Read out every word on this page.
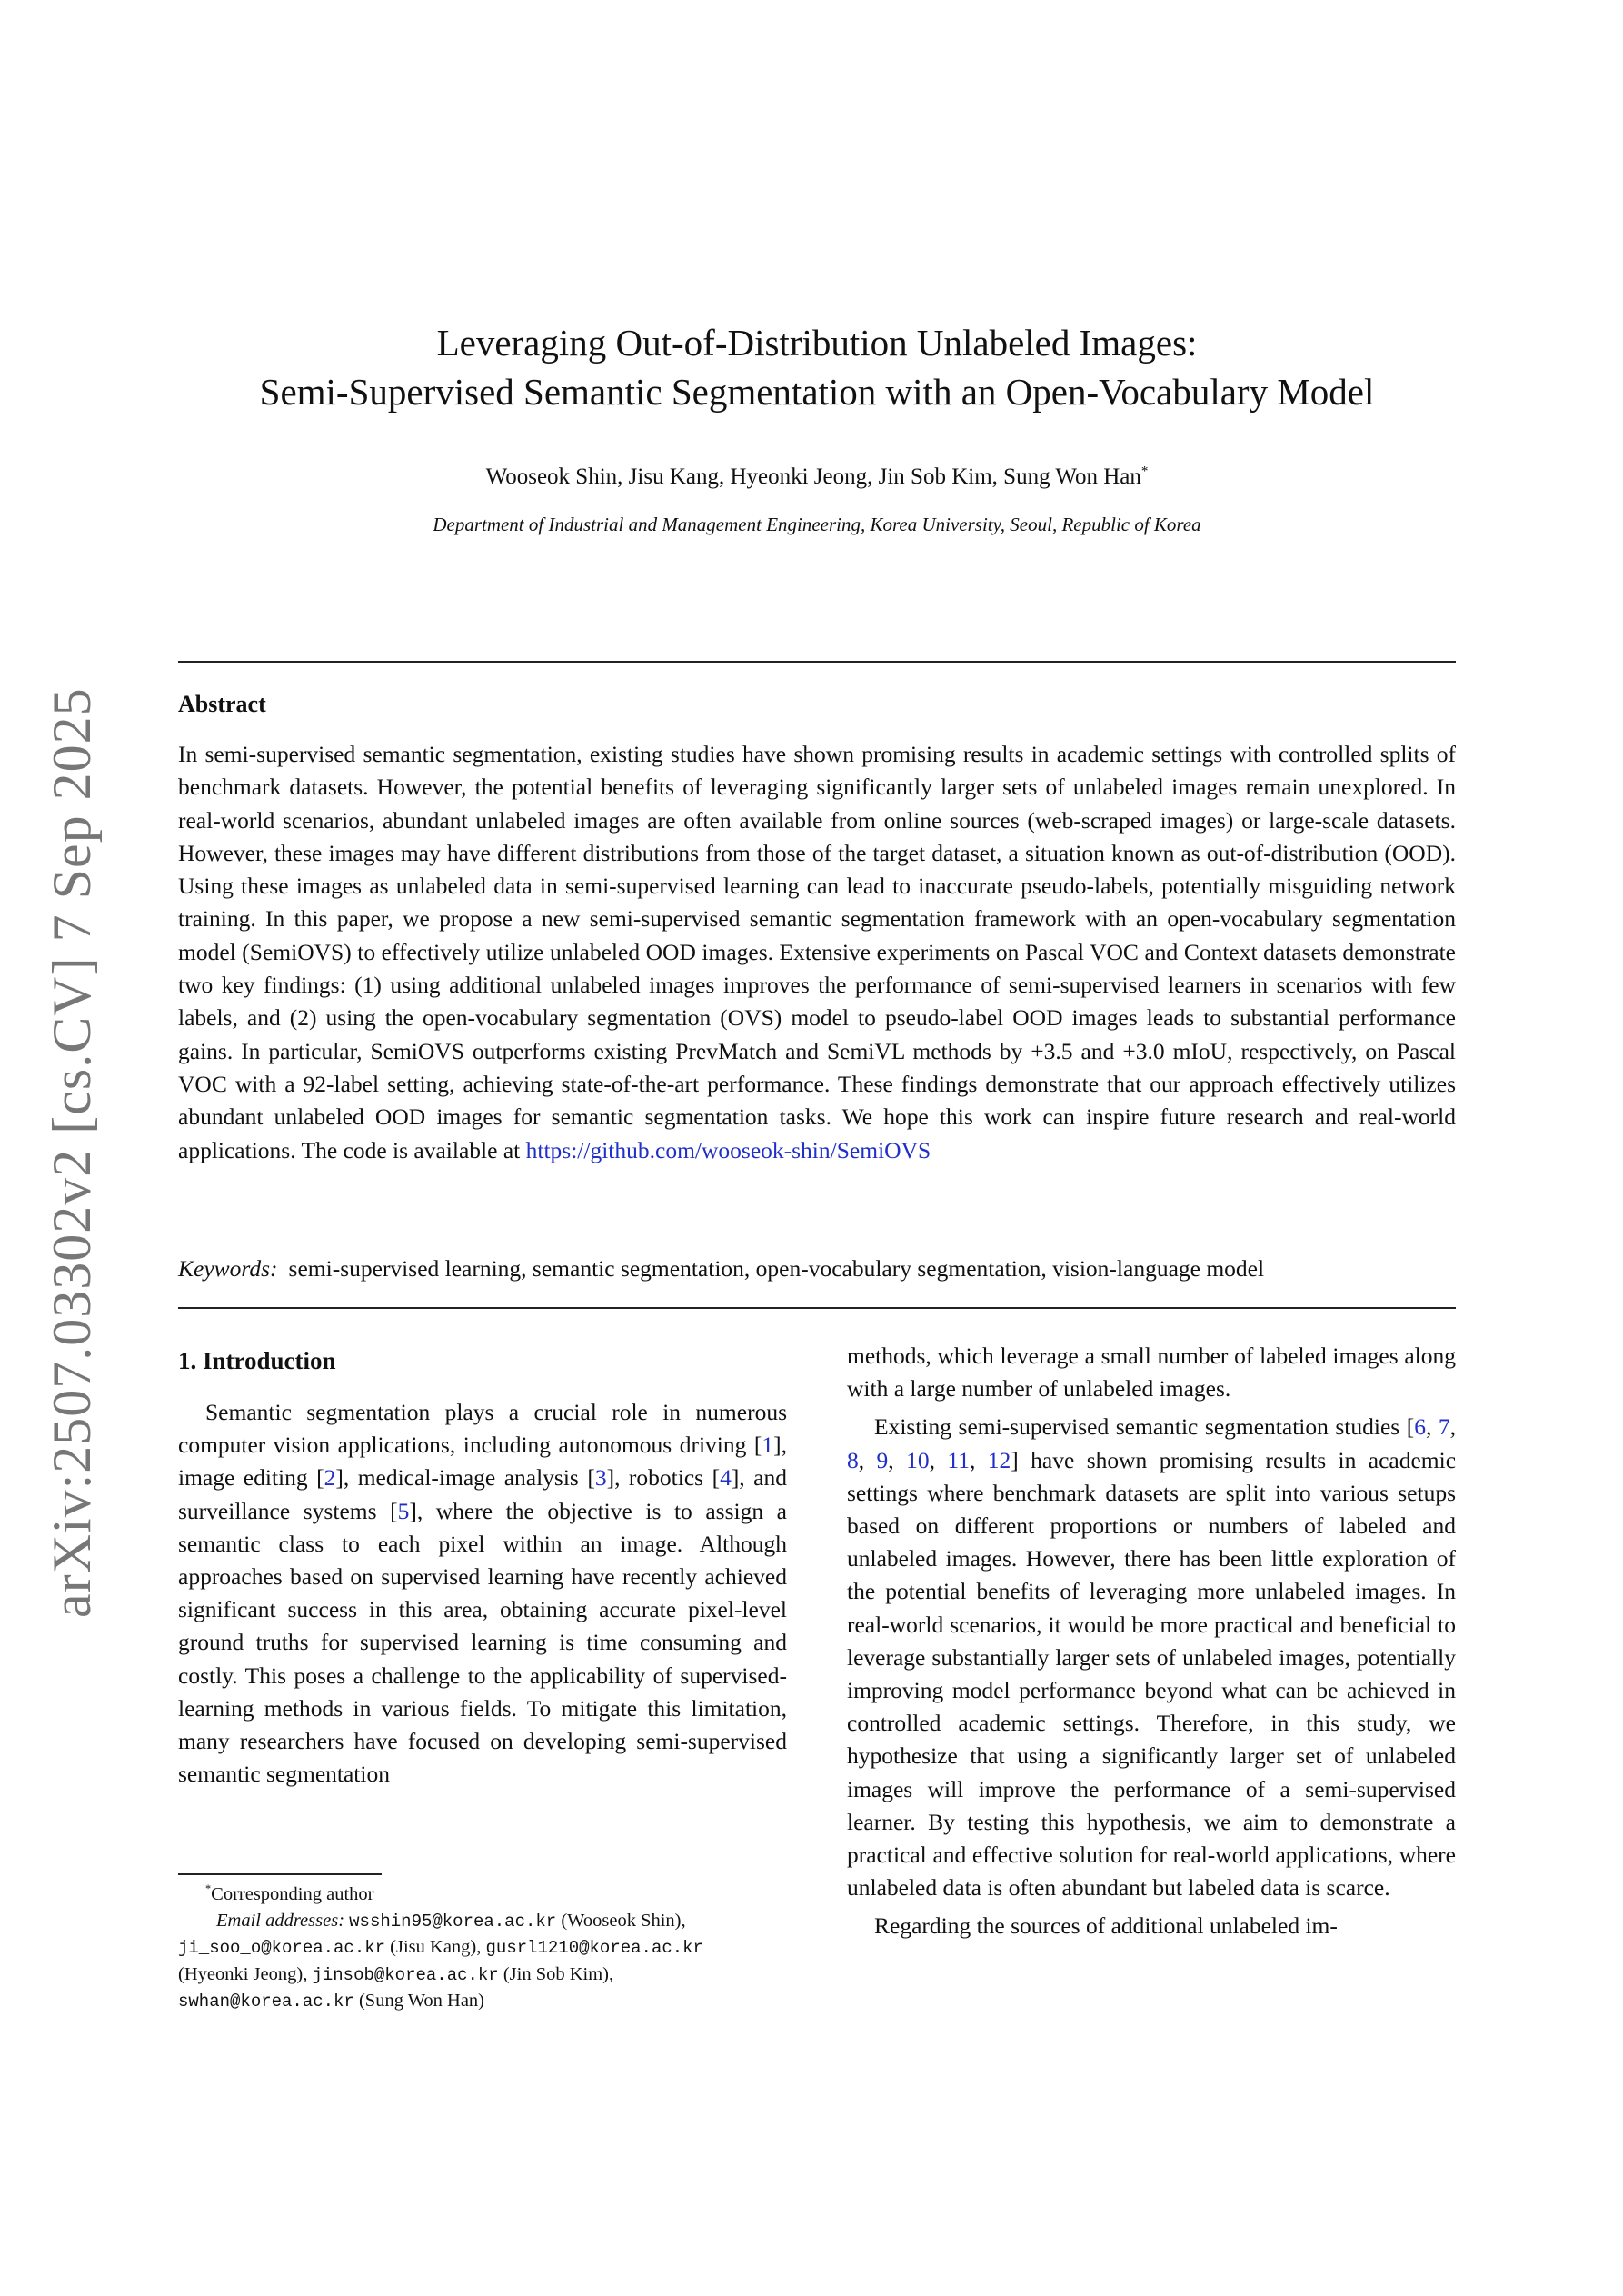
arXiv:2507.03302v2 [cs.CV] 7 Sep 2025
Leveraging Out-of-Distribution Unlabeled Images:
Semi-Supervised Semantic Segmentation with an Open-Vocabulary Model
Wooseok Shin, Jisu Kang, Hyeonki Jeong, Jin Sob Kim, Sung Won Han*
Department of Industrial and Management Engineering, Korea University, Seoul, Republic of Korea
Abstract
In semi-supervised semantic segmentation, existing studies have shown promising results in academic settings with controlled splits of benchmark datasets. However, the potential benefits of leveraging significantly larger sets of unlabeled images remain unexplored. In real-world scenarios, abundant unlabeled images are often available from online sources (web-scraped images) or large-scale datasets. However, these images may have different distributions from those of the target dataset, a situation known as out-of-distribution (OOD). Using these images as unlabeled data in semi-supervised learning can lead to inaccurate pseudo-labels, potentially misguiding network training. In this paper, we propose a new semi-supervised semantic segmentation framework with an open-vocabulary segmentation model (SemiOVS) to effectively utilize unlabeled OOD images. Extensive experiments on Pascal VOC and Context datasets demonstrate two key findings: (1) using additional unlabeled images improves the performance of semi-supervised learners in scenarios with few labels, and (2) using the open-vocabulary segmentation (OVS) model to pseudo-label OOD images leads to substantial performance gains. In particular, SemiOVS outperforms existing PrevMatch and SemiVL methods by +3.5 and +3.0 mIoU, respectively, on Pascal VOC with a 92-label setting, achieving state-of-the-art performance. These findings demonstrate that our approach effectively utilizes abundant unlabeled OOD images for semantic segmentation tasks. We hope this work can inspire future research and real-world applications. The code is available at https://github.com/wooseok-shin/SemiOVS
Keywords: semi-supervised learning, semantic segmentation, open-vocabulary segmentation, vision-language model
1. Introduction

Semantic segmentation plays a crucial role in numerous computer vision applications, including autonomous driving [1], image editing [2], medical-image analysis [3], robotics [4], and surveillance systems [5], where the objective is to assign a semantic class to each pixel within an image. Although approaches based on supervised learning have recently achieved significant success in this area, obtaining accurate pixel-level ground truths for supervised learning is time consuming and costly. This poses a challenge to the applicability of supervised-learning methods in various fields. To mitigate this limitation, many researchers have focused on developing semi-supervised semantic segmentation

*Corresponding author
Email addresses: wsshin95@korea.ac.kr (Wooseok Shin),
ji_soo_o@korea.ac.kr (Jisu Kang), gusrl1210@korea.ac.kr
(Hyeonki Jeong), jinsob@korea.ac.kr (Jin Sob Kim),
swhan@korea.ac.kr (Sung Won Han)

methods, which leverage a small number of labeled images along with a large number of unlabeled images.

Existing semi-supervised semantic segmentation studies [6, 7, 8, 9, 10, 11, 12] have shown promising results in academic settings where benchmark datasets are split into various setups based on different proportions or numbers of labeled and unlabeled images. However, there has been little exploration of the potential benefits of leveraging more unlabeled images. In real-world scenarios, it would be more practical and beneficial to leverage substantially larger sets of unlabeled images, potentially improving model performance beyond what can be achieved in controlled academic settings. Therefore, in this study, we hypothesize that using a significantly larger set of unlabeled images will improve the performance of a semi-supervised learner. By testing this hypothesis, we aim to demonstrate a practical and effective solution for real-world applications, where unlabeled data is often abundant but labeled data is scarce.

Regarding the sources of additional unlabeled im-
